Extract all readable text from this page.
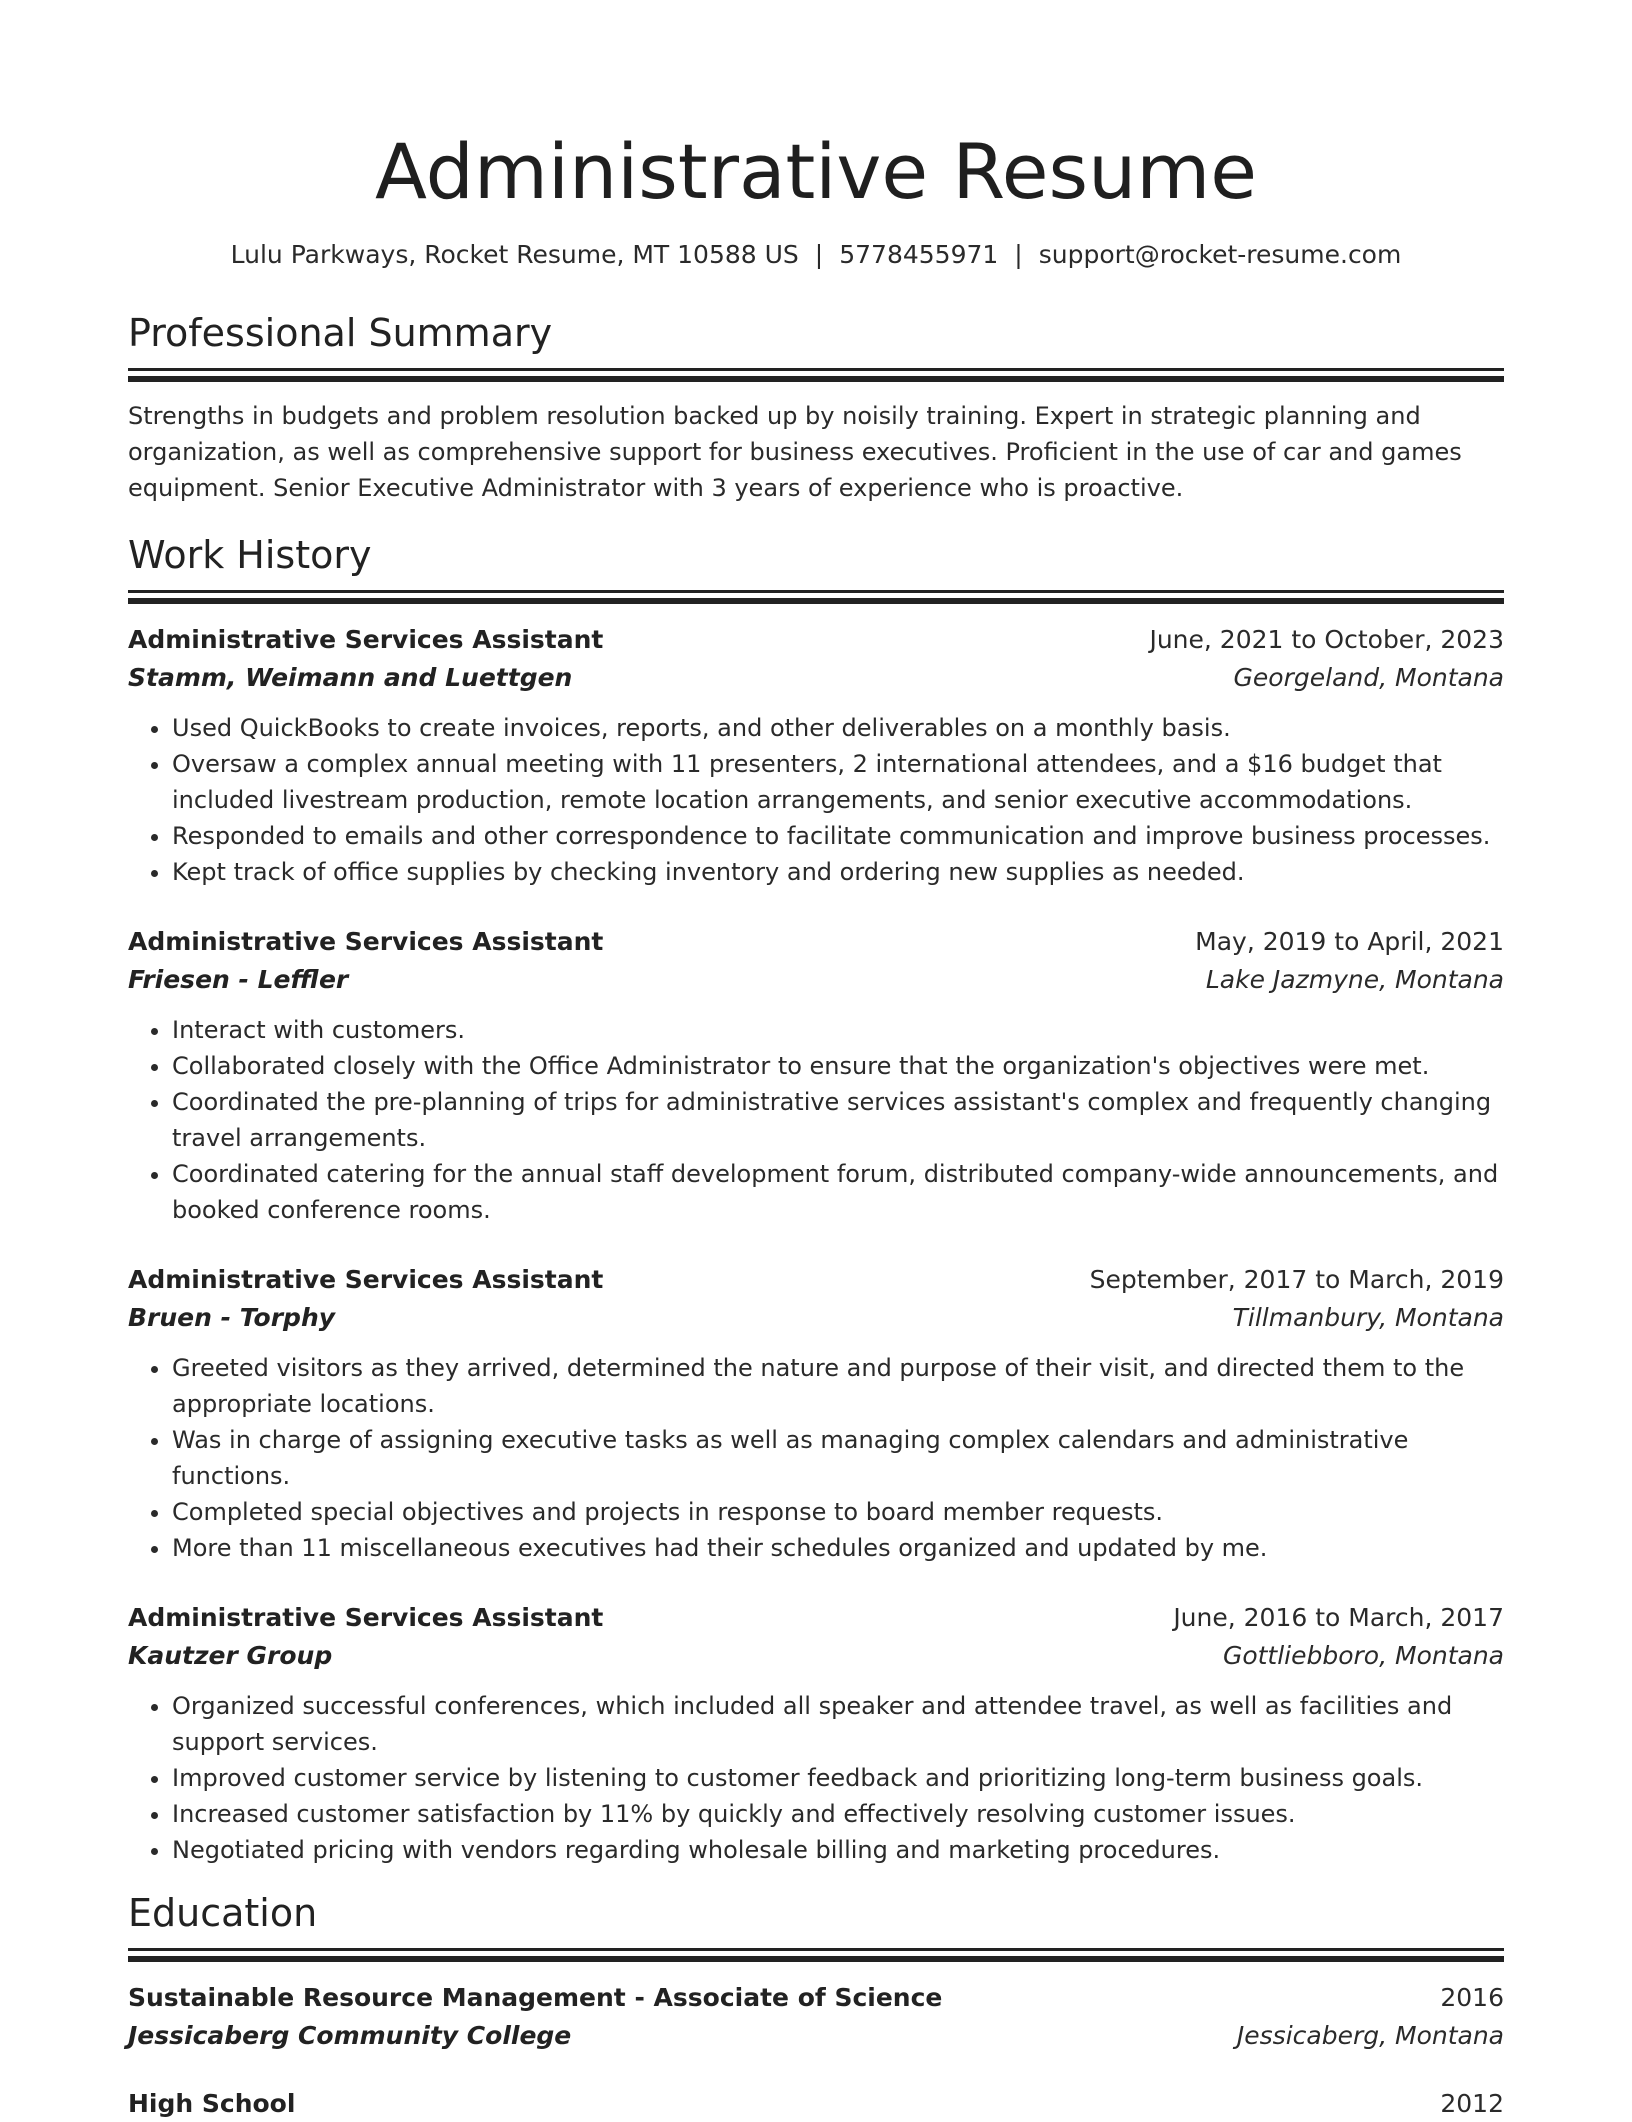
Administrative Resume
Lulu Parkways, Rocket Resume, MT 10588 US | 5778455971 | support@rocket-resume.com
Professional Summary
Strengths in budgets and problem resolution backed up by noisily training. Expert in strategic planning and organization, as well as comprehensive support for business executives. Proficient in the use of car and games equipment. Senior Executive Administrator with 3 years of experience who is proactive.
Work History
Administrative Services Assistant	June, 2021 to October, 2023
Stamm, Weimann and Luettgen	Georgeland, Montana
• Used QuickBooks to create invoices, reports, and other deliverables on a monthly basis.
• Oversaw a complex annual meeting with 11 presenters, 2 international attendees, and a $16 budget that included livestream production, remote location arrangements, and senior executive accommodations.
• Responded to emails and other correspondence to facilitate communication and improve business processes.
• Kept track of office supplies by checking inventory and ordering new supplies as needed.
Administrative Services Assistant	May, 2019 to April, 2021
Friesen - Leffler	Lake Jazmyne, Montana
• Interact with customers.
• Collaborated closely with the Office Administrator to ensure that the organization's objectives were met.
• Coordinated the pre-planning of trips for administrative services assistant's complex and frequently changing travel arrangements.
• Coordinated catering for the annual staff development forum, distributed company-wide announcements, and booked conference rooms.
Administrative Services Assistant	September, 2017 to March, 2019
Bruen - Torphy	Tillmanbury, Montana
• Greeted visitors as they arrived, determined the nature and purpose of their visit, and directed them to the appropriate locations.
• Was in charge of assigning executive tasks as well as managing complex calendars and administrative functions.
• Completed special objectives and projects in response to board member requests.
• More than 11 miscellaneous executives had their schedules organized and updated by me.
Administrative Services Assistant	June, 2016 to March, 2017
Kautzer Group	Gottliebboro, Montana
• Organized successful conferences, which included all speaker and attendee travel, as well as facilities and support services.
• Improved customer service by listening to customer feedback and prioritizing long-term business goals.
• Increased customer satisfaction by 11% by quickly and effectively resolving customer issues.
• Negotiated pricing with vendors regarding wholesale billing and marketing procedures.
Education
Sustainable Resource Management - Associate of Science	2016
Jessicaberg Community College	Jessicaberg, Montana
High School	2012
